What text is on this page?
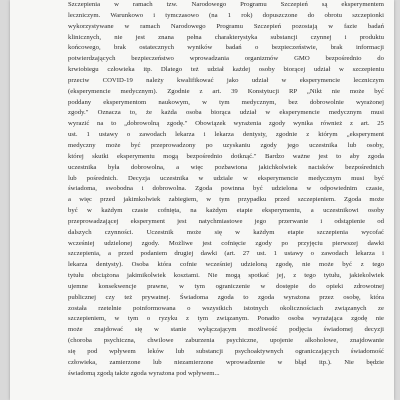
Szczepienia w ramach tzw. Narodowego Programu Szczepień są eksperymentem
leczniczym. Warunkowo i tymczasowo (na 1 rok) dopuszczone do obrotu szczepionki
wykorzystywane w ramach Narodowego Programu Szczepień pozostają w fazie badań
klinicznych, nie jest znana pełna charakterystyka substancji czynnej i produktu
końcowego, brak ostatecznych wyników badań o bezpieczeństwie, brak informacji
potwierdzających bezpieczeństwo wprowadzania organizmów GMO bezpośrednio do
krwiobiegu człowieka itp. Dlatego też udział każdej osoby biorącej udział w szczepieniu
przeciw COVID-19 należy kwalifikować jako udział w eksperymencie leczniczym
(eksperymencie medycznym). Zgodnie z art. 39 Konstytucji RP „Nikt nie może być
poddany eksperymentom naukowym, w tym medycznym, bez dobrowolnie wyrażonej
zgody." Oznacza to, że każda osoba biorąca udział w eksperymencie medycznym musi
wyrazić na to „dobrowolną zgodę." Obowiązek wyrażenia zgody wynika również z art. 25
ust. 1 ustawy o zawodach lekarza i lekarza dentysty, zgodnie z którym „eksperyment
medyczny może być przeprowadzony po uzyskaniu zgody jego uczestnika lub osoby,
której skutki eksperymentu mogą bezpośrednio dotknąć." Bardzo ważne jest to aby zgoda
uczestnika była dobrowolna, a więc pozbawiona jakichkolwiek nacisków bezpośrednich
lub pośrednich. Decyzja uczestnika w udziale w eksperymencie medycznym musi być
świadoma, swobodna i dobrowolna. Zgoda powinna być udzielona w odpowiednim czasie,
a więc przed jakimkolwiek zabiegiem, w tym przypadku przed szczepieniem. Zgoda może
być w każdym czasie cofnięta, na każdym etapie eksperymentu, a uczestnikowi osoby
przeprowadzającej eksperyment jest natychmiastowe jego przerwanie i odstąpienie od
dalszych czynności. Uczestnik może się w każdym etapie szczepienia wycofać
wcześniej udzielonej zgody. Możliwe jest cofnięcie zgody po przyjęciu pierwszej dawki
szczepienia, a przed podaniem drugiej dawki (art. 27 ust. 1 ustawy o zawodach lekarza i
lekarza dentysty). Osoba która cofnie wcześniej udzieloną zgodę, nie może być z tego
tytułu obciążona jakimikolwiek kosztami. Nie mogą spotkać jej, z tego tytułu, jakiekolwiek
ujemne konsekwencje prawne, w tym ograniczenie w dostępie do opieki zdrowotnej
publicznej czy też prywatnej. Świadoma zgoda to zgoda wyrażona przez osobę, która
została rzetelnie poinformowana o wszystkich istotnych okolicznościach związanych ze
szczepieniem, w tym o ryzyku z tym związanym. Ponadto osoba wyrażająca zgodę nie
może znajdować się w stanie wyłączającym możliwość podjęcia świadomej decyzji
(choroba psychiczna, chwilowe zaburzenia psychiczne, upojenie alkoholowe, znajdowanie
się pod wpływem leków lub substancji psychoaktywnych ograniczających świadomość
człowieka, zamierzone lub niezamierzone wprowadzenie w błąd itp.). Nie będzie
świadomą zgodą także zgoda wyrażona pod wpływem...
